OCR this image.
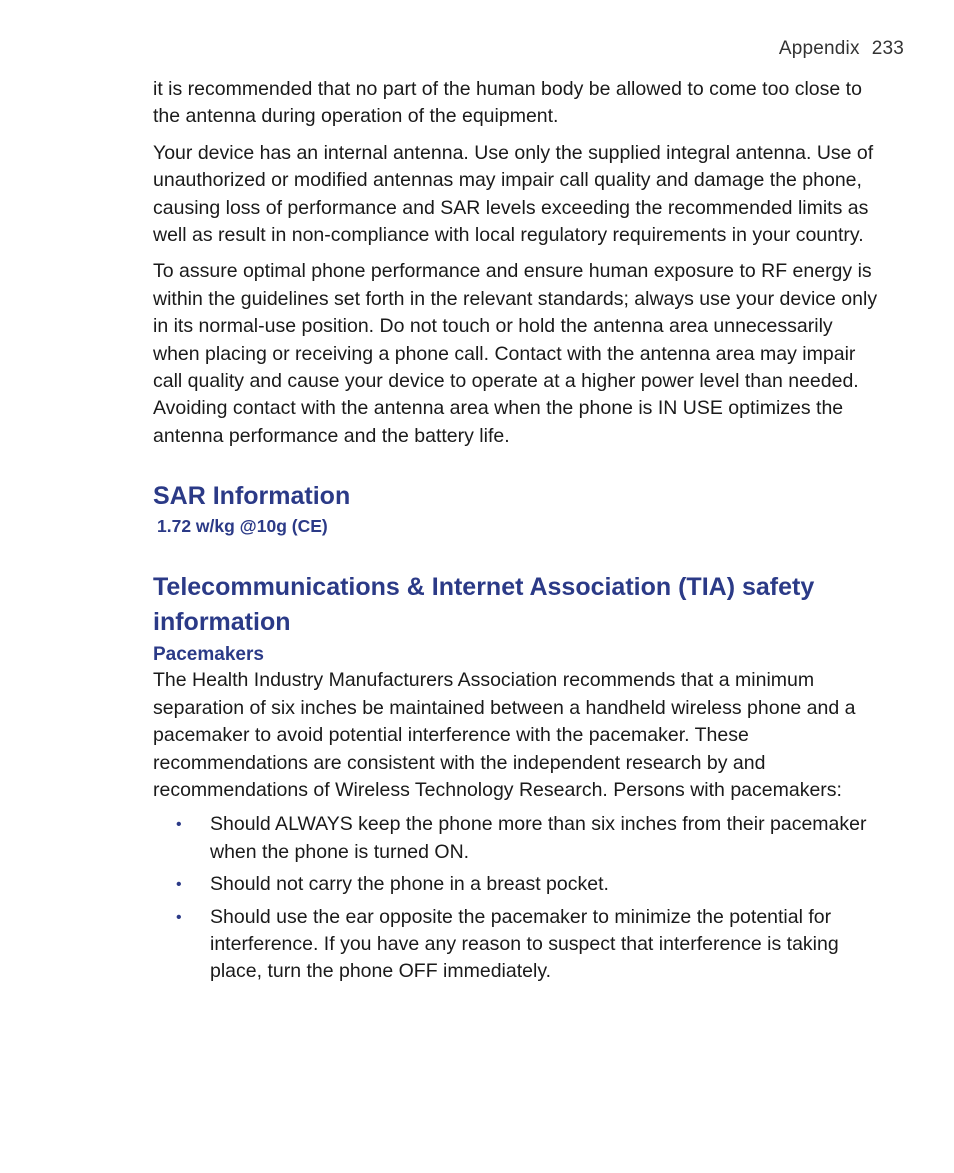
Appendix 233

it is recommended that no part of the human body be allowed to come too close to the antenna during operation of the equipment.

Your device has an internal antenna. Use only the supplied integral antenna. Use of unauthorized or modified antennas may impair call quality and damage the phone, causing loss of performance and SAR levels exceeding the recommended limits as well as result in non-compliance with local regulatory requirements in your country.

To assure optimal phone performance and ensure human exposure to RF energy is within the guidelines set forth in the relevant standards; always use your device only in its normal-use position. Do not touch or hold the antenna area unnecessarily when placing or receiving a phone call. Contact with the antenna area may impair call quality and cause your device to operate at a higher power level than needed. Avoiding contact with the antenna area when the phone is IN USE optimizes the antenna performance and the battery life.

SAR Information
1.72 w/kg @10g (CE)
Telecommunications & Internet Association (TIA) safety information
Pacemakers

The Health Industry Manufacturers Association recommends that a minimum separation of six inches be maintained between a handheld wireless phone and a pacemaker to avoid potential interference with the pacemaker. These recommendations are consistent with the independent research by and recommendations of Wireless Technology Research. Persons with pacemakers:

• Should ALWAYS keep the phone more than six inches from their pacemaker when the phone is turned ON.
• Should not carry the phone in a breast pocket.
• Should use the ear opposite the pacemaker to minimize the potential for interference. If you have any reason to suspect that interference is taking place, turn the phone OFF immediately.
